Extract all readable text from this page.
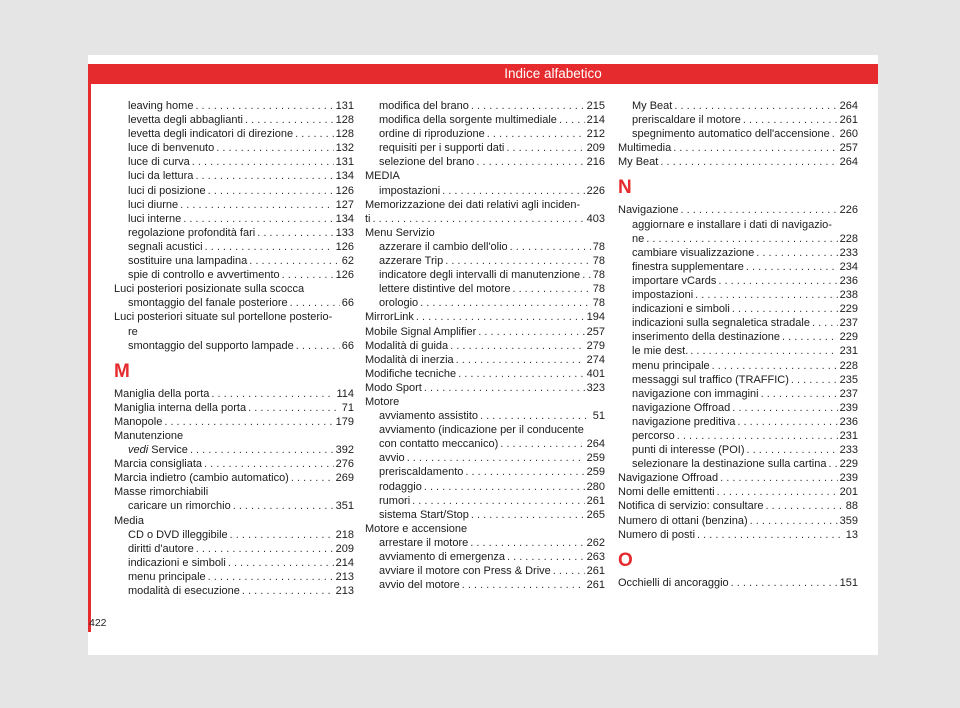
Indice alfabetico
422
leaving home	131
. . .
levetta degli abbaglianti	128
. . .
levetta degli indicatori di direzione	128
. . .
luce di benvenuto	132
. . .
luce di curva	131
. . .
luci da lettura	134
. . .
luci di posizione	126
. . .
luci diurne	127
. . .
luci interne	134
. . .
regolazione profondità fari	133
. . .
segnali acustici	126
. . .
sostituire una lampadina	62
. . .
spie di controllo e avvertimento	126
. . .
Luci posteriori posizionate sulla scocca
smontaggio del fanale posteriore	66
. . .
Luci posteriori situate sul portellone posterio-
re
smontaggio del supporto lampade	66
. . .
M
Maniglia della porta	114
. . .
Maniglia interna della porta	71
. . .
Manopole	179
. . .
Manutenzione
vedi Service	392
. . .
Marcia consigliata	276
. . .
Marcia indietro (cambio automatico)	269
. . .
Masse rimorchiabili
caricare un rimorchio	351
. . .
Media
CD o DVD illeggibile	218
. . .
diritti d'autore	209
. . .
indicazioni e simboli	214
. . .
menu principale	213
. . .
modalità di esecuzione	213
. . .
modifica del brano	215
. . .
modifica della sorgente multimediale	214
. . .
ordine di riproduzione	212
. . .
requisiti per i supporti dati	209
. . .
selezione del brano	216
. . .
MEDIA
impostazioni	226
. . .
Memorizzazione dei dati relativi agli inciden-
ti	403
. . .
Menu Servizio
azzerare il cambio dell'olio	78
. . .
azzerare Trip	78
. . .
indicatore degli intervalli di manutenzione 78
. . .
lettere distintive del motore	78
. . .
orologio	78
. . .
MirrorLink	194
. . .
Mobile Signal Amplifier	257
. . .
Modalità di guida	279
. . .
Modalità di inerzia	274
. . .
Modifiche tecniche	401
. . .
Modo Sport	323
. . .
Motore
avviamento assistito	51
. . .
avviamento (indicazione per il conducente
con contatto meccanico)	264
. . .
avvio	259
. . .
preriscaldamento	259
. . .
rodaggio	280
. . .
rumori	261
. . .
sistema Start/Stop	265
. . .
Motore e accensione
arrestare il motore	262
. . .
avviamento di emergenza	263
. . .
avviare il motore con Press & Drive	261
. . .
avvio del motore	261
. . .
My Beat	264
. . .
preriscaldare il motore	261
. . .
spegnimento automatico dell'accensione 260
. . .
Multimedia	257
. . .
My Beat	264
. . .
N
Navigazione	226
. . .
aggiornare e installare i dati di navigazio-
ne	228
. . .
cambiare visualizzazione	233
. . .
finestra supplementare	234
. . .
importare vCards	236
. . .
impostazioni	238
. . .
indicazioni e simboli	229
. . .
indicazioni sulla segnaletica stradale	237
. . .
inserimento della destinazione	229
. . .
le mie dest.	231
. . .
menu principale	228
. . .
messaggi sul traffico (TRAFFIC)	235
. . .
navigazione con immagini	237
. . .
navigazione Offroad	239
. . .
navigazione preditiva	236
. . .
percorso	231
. . .
punti di interesse (POI)	233
. . .
selezionare la destinazione sulla cartina 229
. . .
Navigazione Offroad	239
. . .
Nomi delle emittenti	201
. . .
Notifica di servizio: consultare	88
. . .
Numero di ottani (benzina)	359
. . .
Numero di posti	13
. . .
O
Occhielli di ancoraggio	151
. . .
